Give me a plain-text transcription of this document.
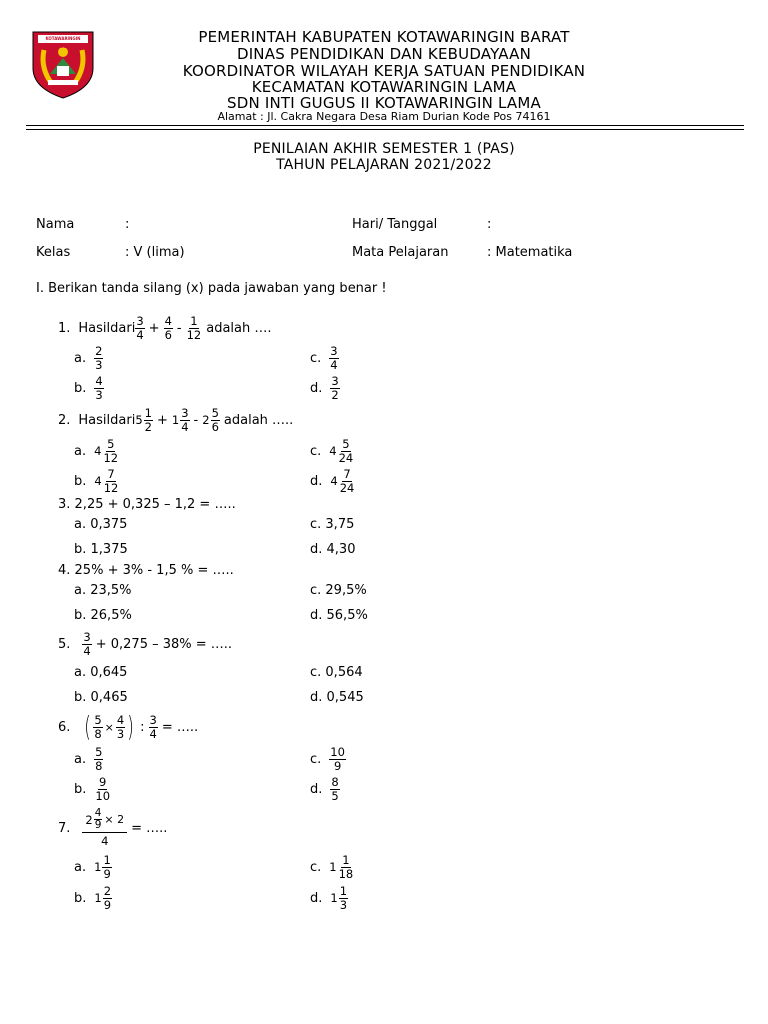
KOTAWARINGIN BARAT
PEMERINTAH KABUPATEN KOTAWARINGIN BARAT
DINAS PENDIDIKAN DAN KEBUDAYAAN
KOORDINATOR WILAYAH KERJA SATUAN PENDIDIKAN
KECAMATAN KOTAWARINGIN LAMA
SDN INTI GUGUS II KOTAWARINGIN LAMA
Alamat : Jl. Cakra Negara Desa Riam Durian Kode Pos 74161
PENILAIAN AKHIR SEMESTER 1 (PAS)
TAHUN PELAJARAN 2021/2022
Nama	:	Hari/ Tanggal	:
Kelas	: V (lima)	Mata Pelajaran	: Matematika
I. Berikan tanda silang (x) pada jawaban yang benar !
1. Hasildari $\frac{3}{4} + \frac{4}{6} - \frac{1}{12}$ adalah ….
a. $\frac{2}{3}$
b. $\frac{4}{3}$
c. $\frac{3}{4}$
d. $\frac{3}{2}$
2. Hasildari $5 \frac{1}{2} + 1 \frac{3}{4} - 2 \frac{5}{6}$ adalah …..
a. $4 \frac{5}{12}$
b. $4 \frac{7}{12}$
c. $4 \frac{5}{24}$
d. $4 \frac{7}{24}$
3. 2,25 + 0,325 – 1,2 = …..
a. 0,375
b. 1,375
c. 3,75
d. 4,30
4. 25% + 3% - 1,5 % = …..
a. 23,5%
b. 26,5%
c. 29,5%
d. 56,5%
5. $\frac{3}{4} + 0,275 - 38\%$ = …..
a. 0,645
b. 0,465
c. 0,564
d. 0,545
6. ( $\frac{5}{8} \times \frac{4}{3}$ ) : $\frac{3}{4}$ = …..
a. $\frac{5}{8}$
b. $\frac{9}{10}$
c. $\frac{10}{9}$
d. $\frac{8}{5}$
7. $\frac{2 \frac{4}{9} \times 2}{4}$ = …..
a. $1 \frac{1}{9}$
b. $1 \frac{2}{9}$
c. $1 \frac{1}{18}$
d. $1 \frac{1}{3}$
